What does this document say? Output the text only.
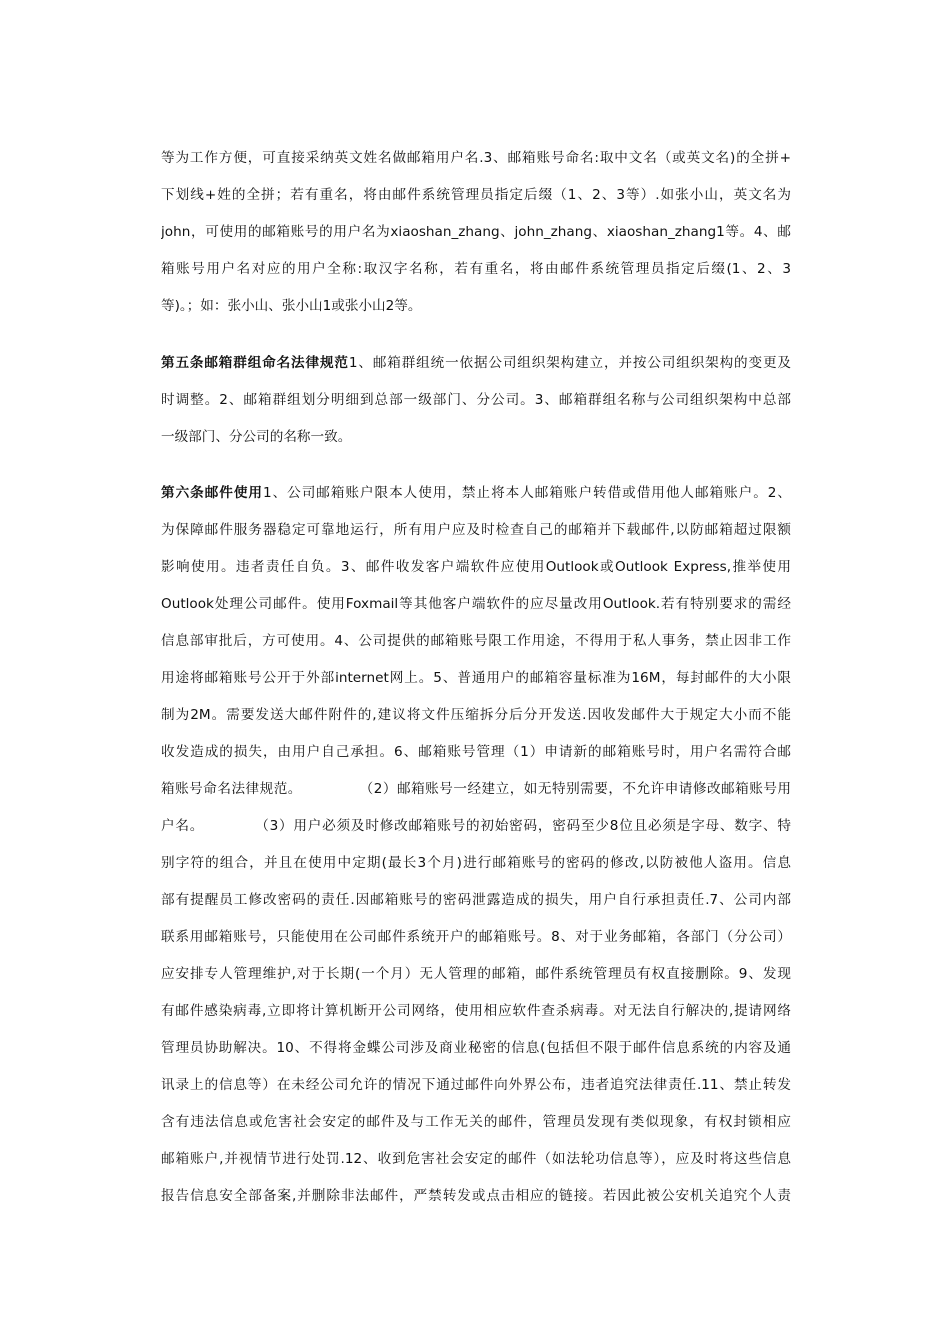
等为工作方便，可直接采纳英文姓名做邮箱用户名.3、邮箱账号命名:取中文名（或英文名)的全拼+
下划线+姓的全拼；若有重名，将由邮件系统管理员指定后缀（1、2、3等）.如张小山，英文名为
john，可使用的邮箱账号的用户名为xiaoshan_zhang、john_zhang、xiaoshan_zhang1等。4、邮
箱账号用户名对应的用户全称:取汉字名称，若有重名，将由邮件系统管理员指定后缀(1、2、3
等)。；如：张小山、张小山1或张小山2等。
第五条邮箱群组命名法律规范1、邮箱群组统一依据公司组织架构建立，并按公司组织架构的变更及
时调整。2、邮箱群组划分明细到总部一级部门、分公司。3、邮箱群组名称与公司组织架构中总部
一级部门、分公司的名称一致。
第六条邮件使用1、公司邮箱账户限本人使用，禁止将本人邮箱账户转借或借用他人邮箱账户。2、
为保障邮件服务器稳定可靠地运行，所有用户应及时检查自己的邮箱并下载邮件,以防邮箱超过限额
影响使用。违者责任自负。3、邮件收发客户端软件应使用Outlook或Outlook Express,推举使用
Outlook处理公司邮件。使用Foxmail等其他客户端软件的应尽量改用Outlook.若有特别要求的需经
信息部审批后，方可使用。4、公司提供的邮箱账号限工作用途，不得用于私人事务，禁止因非工作
用途将邮箱账号公开于外部internet网上。5、普通用户的邮箱容量标准为16M，每封邮件的大小限
制为2M。需要发送大邮件附件的,建议将文件压缩拆分后分开发送.因收发邮件大于规定大小而不能
收发造成的损失，由用户自己承担。6、邮箱账号管理（1）申请新的邮箱账号时，用户名需符合邮
箱账号命名法律规范。            （2）邮箱账号一经建立，如无特别需要，不允许申请修改邮箱账号用
户名。          （3）用户必须及时修改邮箱账号的初始密码，密码至少8位且必须是字母、数字、特
别字符的组合，并且在使用中定期(最长3个月)进行邮箱账号的密码的修改,以防被他人盗用。信息
部有提醒员工修改密码的责任.因邮箱账号的密码泄露造成的损失，用户自行承担责任.7、公司内部
联系用邮箱账号，只能使用在公司邮件系统开户的邮箱账号。8、对于业务邮箱，各部门（分公司）
应安排专人管理维护,对于长期(一个月）无人管理的邮箱，邮件系统管理员有权直接删除。9、发现
有邮件感染病毒,立即将计算机断开公司网络，使用相应软件查杀病毒。对无法自行解决的,提请网络
管理员协助解决。10、不得将金蝶公司涉及商业秘密的信息(包括但不限于邮件信息系统的内容及通
讯录上的信息等）在未经公司允许的情况下通过邮件向外界公布，违者追究法律责任.11、禁止转发
含有违法信息或危害社会安定的邮件及与工作无关的邮件，管理员发现有类似现象，有权封锁相应
邮箱账户,并视情节进行处罚.12、收到危害社会安定的邮件（如法轮功信息等），应及时将这些信息
报告信息安全部备案,并删除非法邮件，严禁转发或点击相应的链接。若因此被公安机关追究个人责
